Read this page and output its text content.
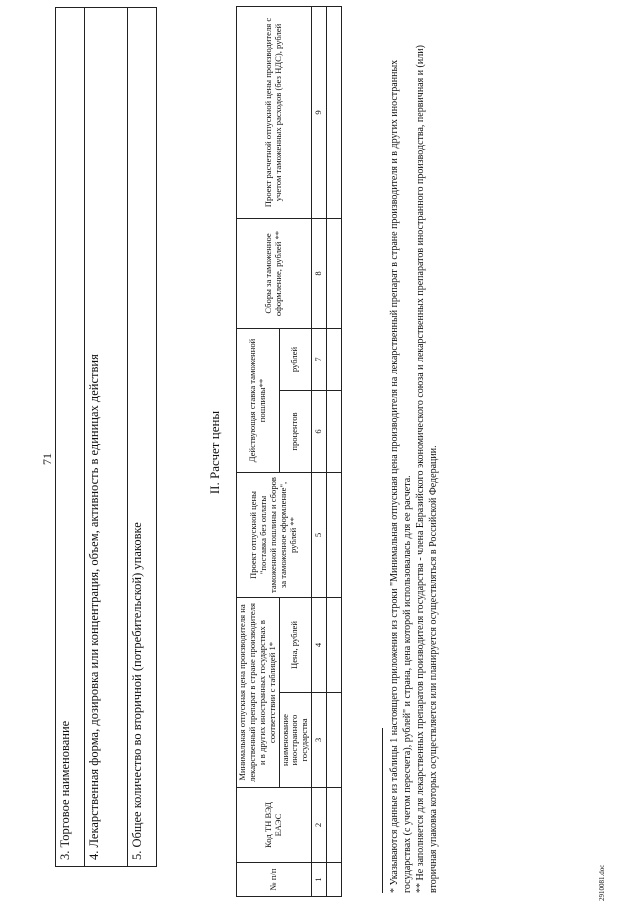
71
3. Торговое наименование
4. Лекарственная форма, дозировка или концентрация, объем, активность в единицах действия
5. Общее количество во вторичной (потребительской) упаковке
II. Расчет цены
№ п/п	Код ТН ВЭД ЕАЭС	Минимальная отпускная цена производителя на лекарственный препарат в стране производителя и в других иностранных государствах в соответствии с таблицей 1*		Проект отпускной цены "поставка без оплаты таможенной пошлины и сборов за таможенное оформление", рублей **	Действующая ставка таможенной пошлины**		Сборы за таможенное оформление, рублей **	Проект расчетной отпускной цены производителя с учетом таможенных расходов (без НДС), рублей
		наименование иностранного государства	Цена, рублей		процентов	рублей		
1	2	3	4	5	6	7	8	9
									* Указываются данные из таблицы 1 настоящего приложения из строки "Минимальная отпускная цена производителя на лекарственный препарат в стране производителя и в других иностранных государствах (с учетом пересчета), рублей" и страна, цена которой использовалась для ее расчета. ** Не заполняется для лекарственных препаратов производителя государства - члена Евразийского экономического союза и лекарственных препаратов иностранного производства, первичная и (или) вторичная упаковка которых осуществляется или планируется осуществляться в Российской Федерации.	2910081.doc
